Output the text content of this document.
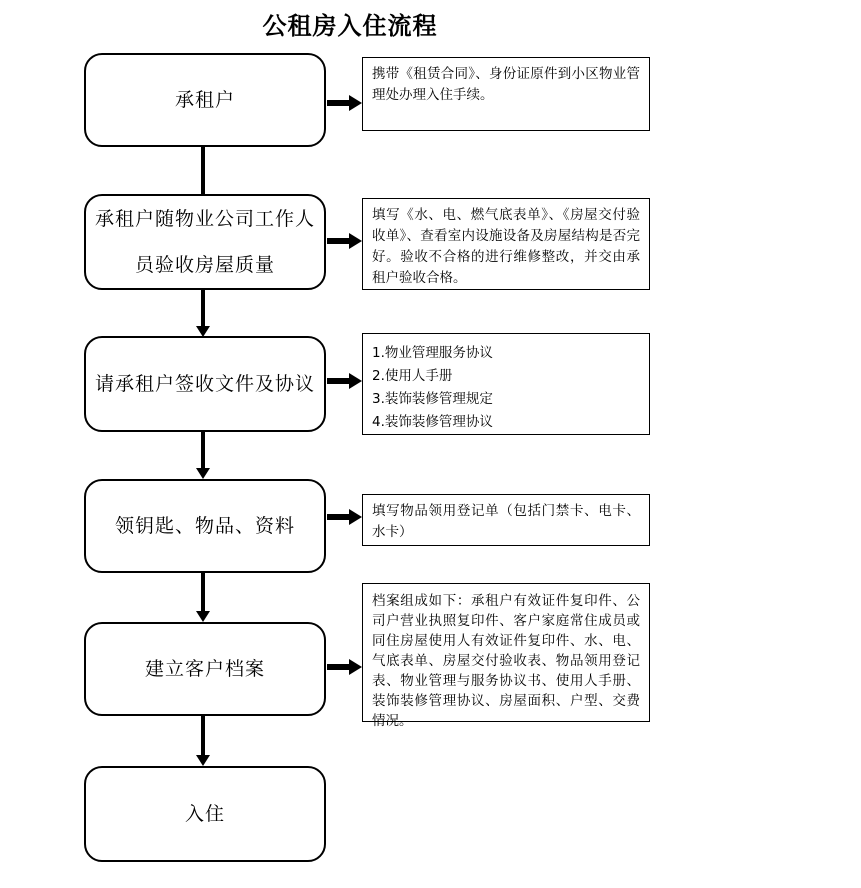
公租房入住流程
承租户
携带《租赁合同》、身份证原件到小区物业管理处办理入住手续。
承租户随物业公司工作人
员验收房屋质量
填写《水、电、燃气底表单》、《房屋交付验收单》、查看室内设施设备及房屋结构是否完好。验收不合格的进行维修整改，并交由承租户验收合格。
请承租户签收文件及协议
1.物业管理服务协议
2.使用人手册
3.装饰装修管理规定
4.装饰装修管理协议
领钥匙、物品、资料
填写物品领用登记单（包括门禁卡、电卡、水卡）
建立客户档案
档案组成如下：承租户有效证件复印件、公司户营业执照复印件、客户家庭常住成员或同住房屋使用人有效证件复印件、水、电、气底表单、房屋交付验收表、物品领用登记表、物业管理与服务协议书、使用人手册、装饰装修管理协议、房屋面积、户型、交费情况。
入住
